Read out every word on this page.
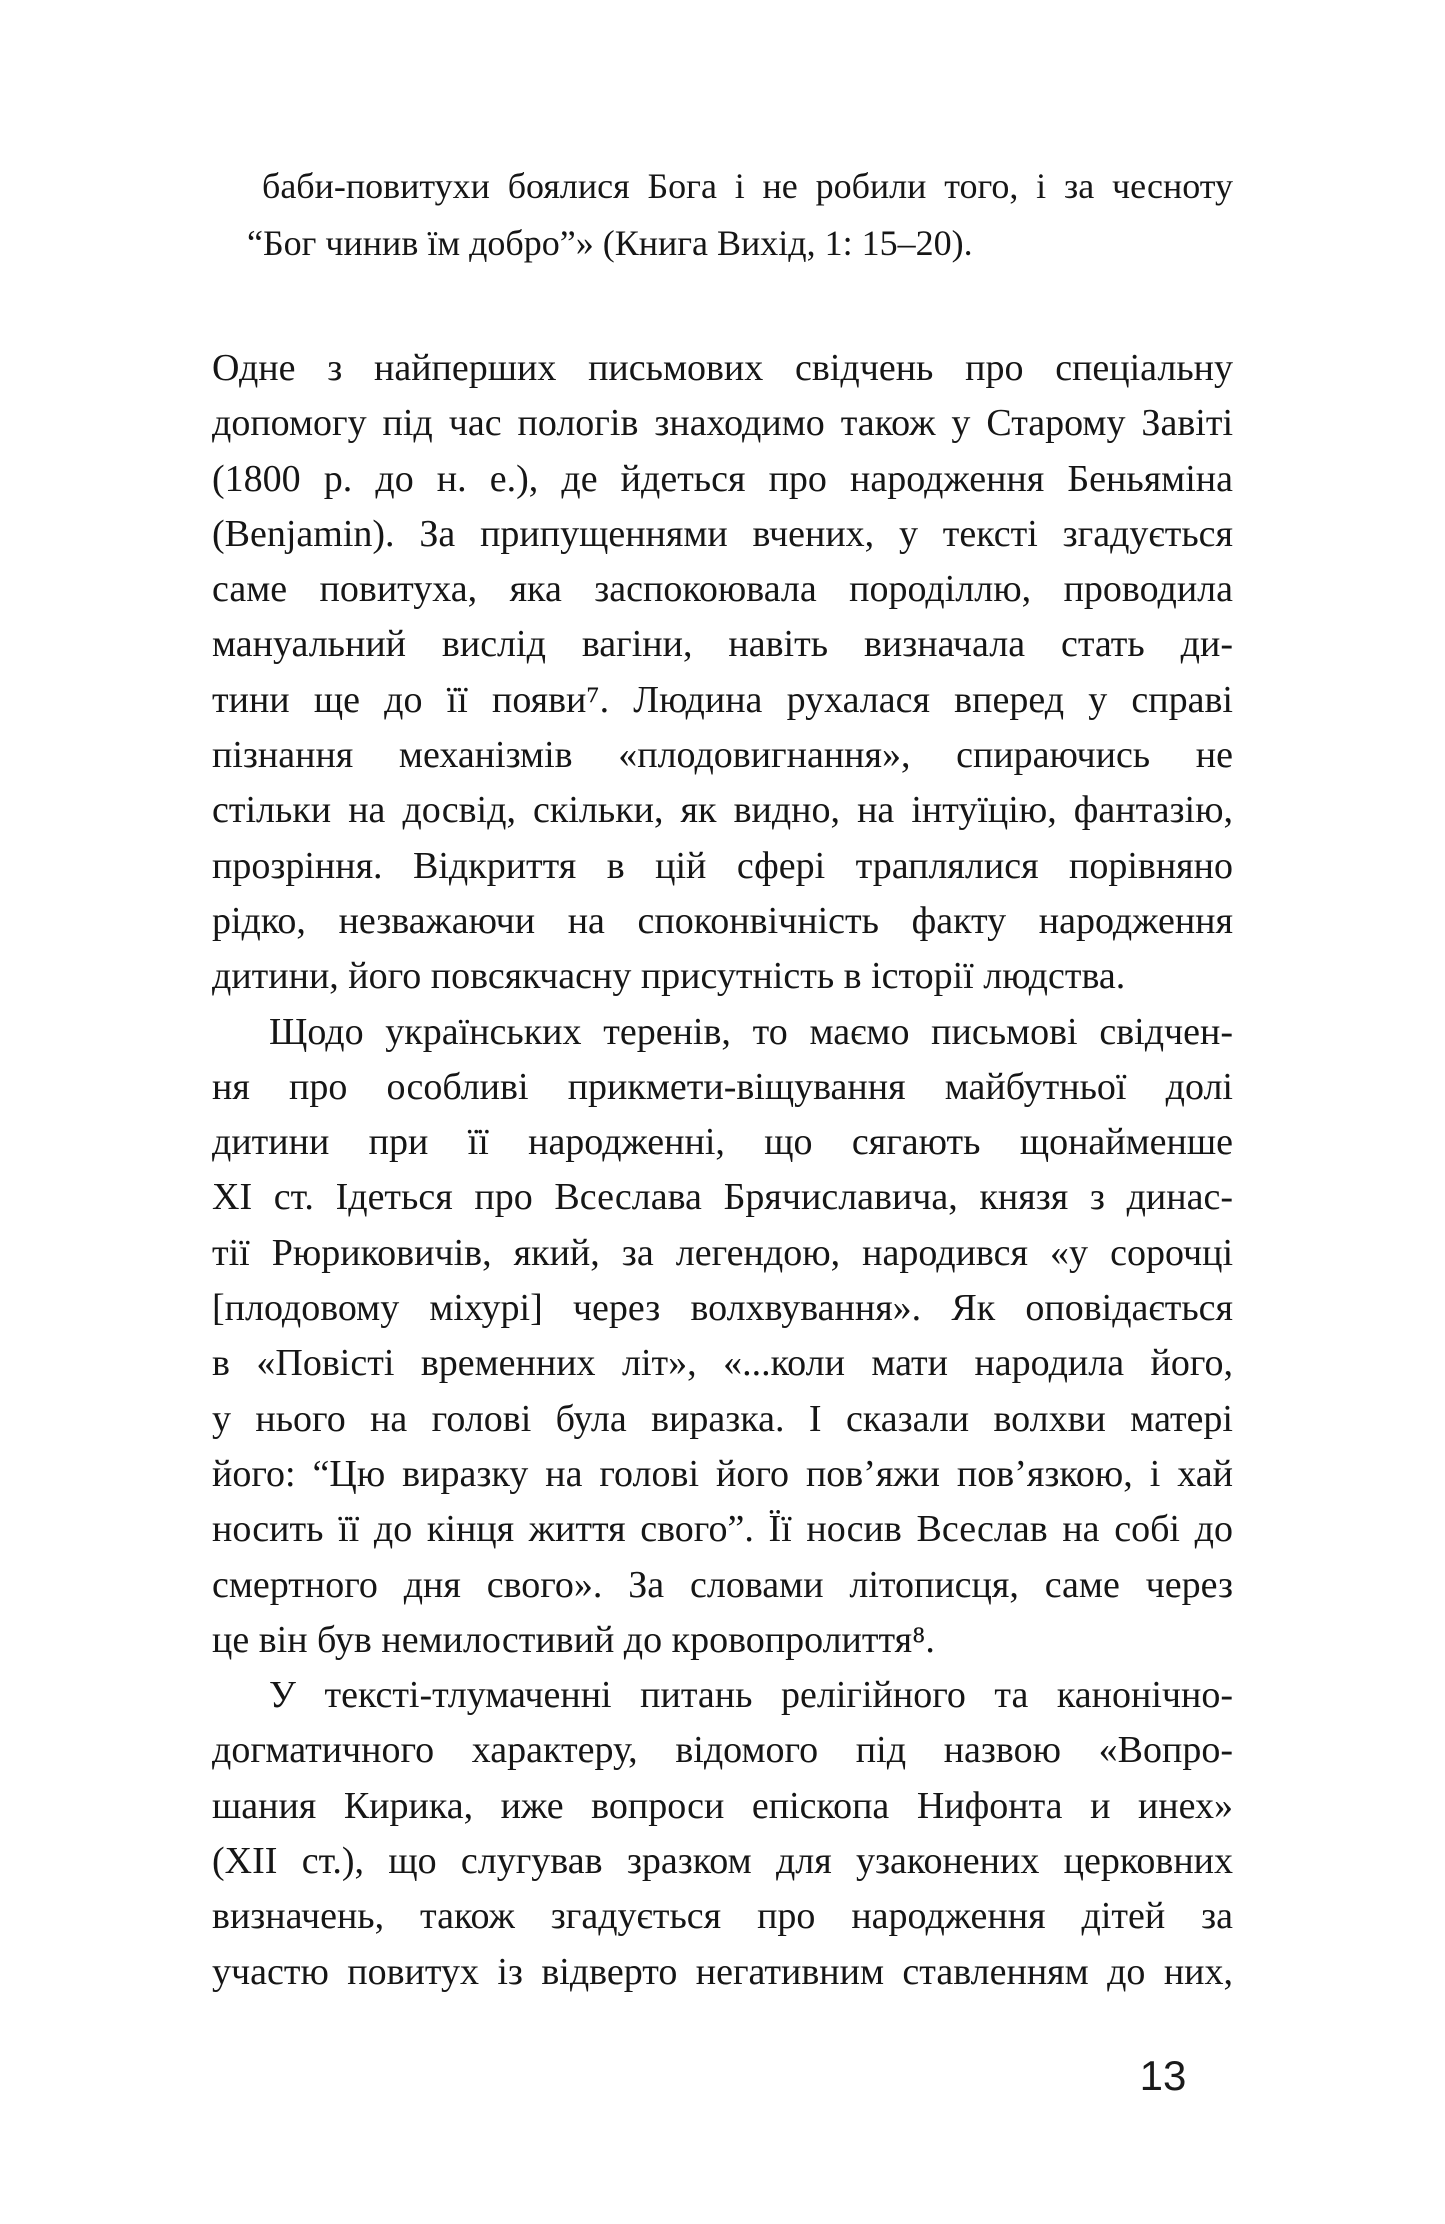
баби-повитухи боялися Бога і не робили того, і за чесноту
“Бог чинив їм добро”» (Книга Вихід, 1: 15–20).
Одне з найперших письмових свідчень про спеціальну
допомогу під час пологів знаходимо також у Старому Завіті
(1800 р. до н. е.), де йдеться про народження Беньяміна
(Benjamin). За припущеннями вчених, у тексті згадується
саме повитуха, яка заспокоювала породіллю, проводила
мануальний вислід вагіни, навіть визначала стать ди-
тини ще до її появи⁷. Людина рухалася вперед у справі
пізнання механізмів «плодовигнання», спираючись не
стільки на досвід, скільки, як видно, на інтуїцію, фантазію,
прозріння. Відкриття в цій сфері траплялися порівняно
рідко, незважаючи на споконвічність факту народження
дитини, його повсякчасну присутність в історії людства.
Щодо українських теренів, то маємо письмові свідчен-
ня про особливі прикмети-віщування майбутньої долі
дитини при її народженні, що сягають щонайменше
ХІ ст. Ідеться про Всеслава Брячиславича, князя з динас-
тії Рюриковичів, який, за легендою, народився «у сорочці
[плодовому міхурі] через волхвування». Як оповідається
в «Повісті временних літ», «...коли мати народила його,
у нього на голові була виразка. І сказали волхви матері
його: “Цю виразку на голові його пов’яжи пов’язкою, і хай
носить її до кінця життя свого”. Її носив Всеслав на собі до
смертного дня свого». За словами літописця, саме через
це він був немилостивий до кровопролиття⁸.
У тексті-тлумаченні питань релігійного та канонічно-
догматичного характеру, відомого під назвою «Вопро-
шания Кирика, иже вопроси епіскопа Нифонта и инех»
(ХІІ ст.), що слугував зразком для узаконених церковних
визначень, також згадується про народження дітей за
участю повитух із відверто негативним ставленням до них,
13
